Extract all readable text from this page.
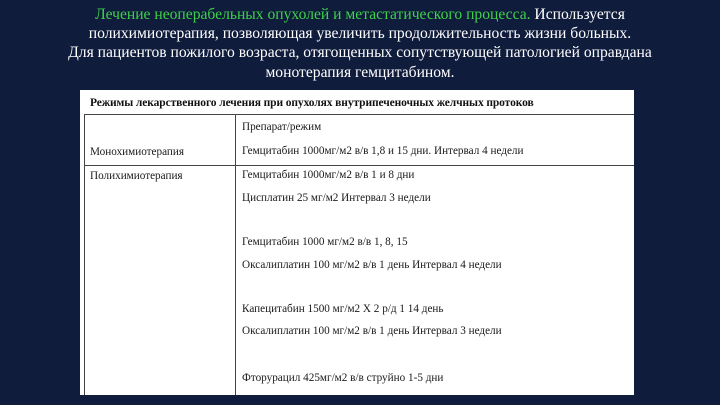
Лечение неоперабельных опухолей и метастатического процесса. Используется
полихимиотерапия, позволяющая увеличить продолжительность жизни больных.
Для пациентов пожилого возраста, отягощенных сопутствующей патологией оправдана
монотерапия гемцитабином.
Режимы лекарственного лечения при опухолях внутрипеченочных желчных протоков
Препарат/режим
Монохимиотерапия	Гемцитабин 1000мг/м2 в/в 1,8 и 15 дни. Интервал 4 недели
Полихимиотерапия	Гемцитабин 1000мг/м2 в/в 1 и 8 дни
Цисплатин 25 мг/м2 Интервал 3 недели
Гемцитабин 1000 мг/м2 в/в 1, 8, 15
Оксалиплатин 100 мг/м2 в/в 1 день Интервал 4 недели
Капецитабин 1500 мг/м2 Х 2 р/д 1 14 день
Оксалиплатин 100 мг/м2 в/в 1 день Интервал 3 недели
Фторурацил 425мг/м2 в/в струйно 1-5 дни
